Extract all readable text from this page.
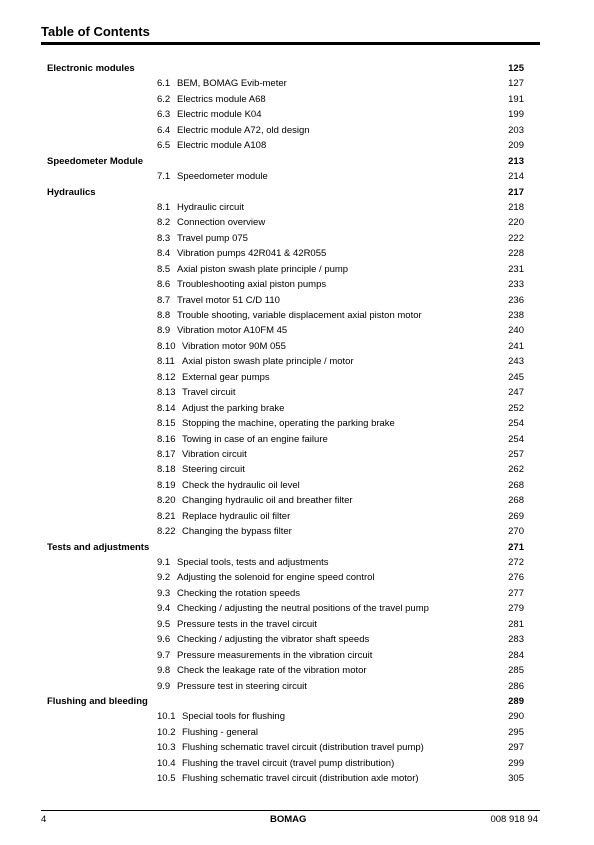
Table of Contents
Electronic modules	125
6.1 BEM, BOMAG Evib-meter	127
6.2 Electrics module A68	191
6.3 Electric module K04	199
6.4 Electric module A72, old design	203
6.5 Electric module A108	209
Speedometer Module	213
7.1 Speedometer module	214
Hydraulics	217
8.1 Hydraulic circuit	218
8.2 Connection overview	220
8.3 Travel pump 075	222
8.4 Vibration pumps 42R041 & 42R055	228
8.5 Axial piston swash plate principle / pump	231
8.6 Troubleshooting axial piston pumps	233
8.7 Travel motor 51 C/D 110	236
8.8 Trouble shooting, variable displacement axial piston motor	238
8.9 Vibration motor A10FM 45	240
8.10 Vibration motor 90M 055	241
8.11 Axial piston swash plate principle / motor	243
8.12 External gear pumps	245
8.13 Travel circuit	247
8.14 Adjust the parking brake	252
8.15 Stopping the machine, operating the parking brake	254
8.16 Towing in case of an engine failure	254
8.17 Vibration circuit	257
8.18 Steering circuit	262
8.19 Check the hydraulic oil level	268
8.20 Changing hydraulic oil and breather filter	268
8.21 Replace hydraulic oil filter	269
8.22 Changing the bypass filter	270
Tests and adjustments	271
9.1 Special tools, tests and adjustments	272
9.2 Adjusting the solenoid for engine speed control	276
9.3 Checking the rotation speeds	277
9.4 Checking / adjusting the neutral positions of the travel pump	279
9.5 Pressure tests in the travel circuit	281
9.6 Checking / adjusting the vibrator shaft speeds	283
9.7 Pressure measurements in the vibration circuit	284
9.8 Check the leakage rate of the vibration motor	285
9.9 Pressure test in steering circuit	286
Flushing and bleeding	289
10.1 Special tools for flushing	290
10.2 Flushing - general	295
10.3 Flushing schematic travel circuit (distribution travel pump)	297
10.4 Flushing the travel circuit (travel pump distribution)	299
10.5 Flushing schematic travel circuit (distribution axle motor)	305
4	BOMAG	008 918 94
